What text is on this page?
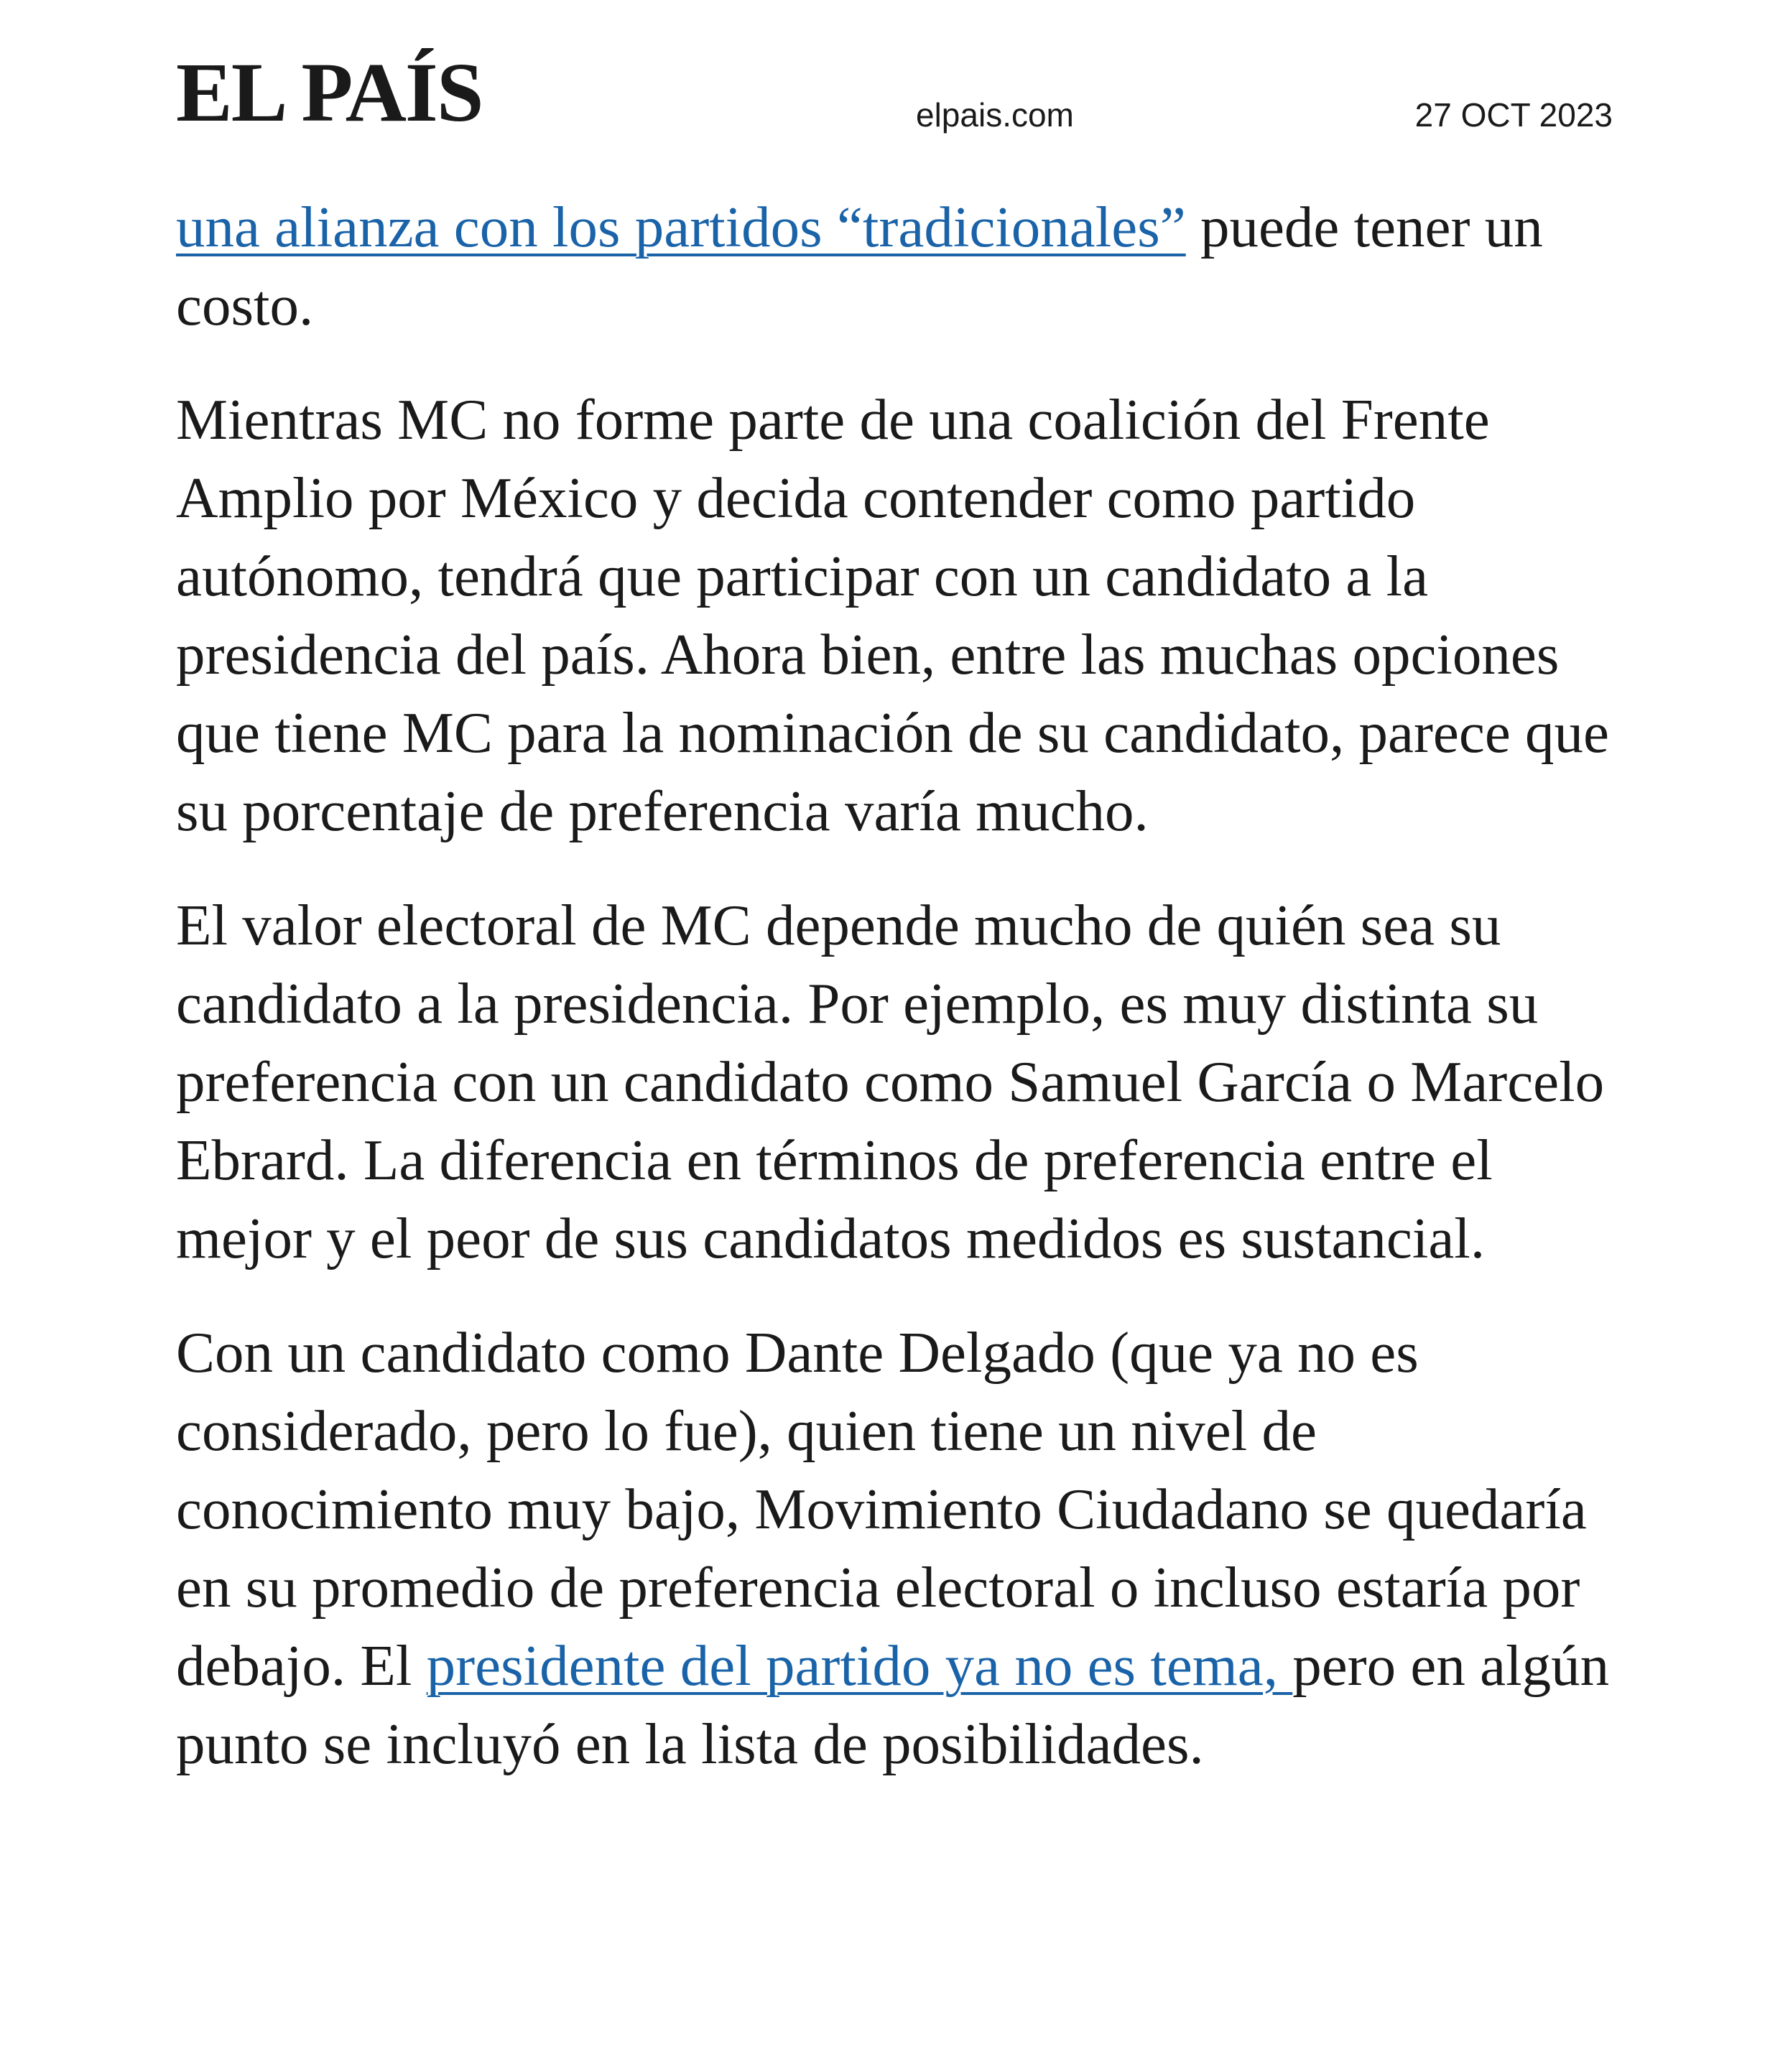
EL PAÍS	elpais.com	27 OCT 2023

una alianza con los partidos “tradicionales” puede tener un costo.

Mientras MC no forme parte de una coalición del Frente Amplio por México y decida contender como partido autónomo, tendrá que participar con un candidato a la presidencia del país. Ahora bien, entre las muchas opciones que tiene MC para la nominación de su candidato, parece que su porcentaje de preferencia varía mucho.

El valor electoral de MC depende mucho de quién sea su candidato a la presidencia. Por ejemplo, es muy distinta su preferencia con un candidato como Samuel García o Marcelo Ebrard. La diferencia en términos de preferencia entre el mejor y el peor de sus candidatos medidos es sustancial.

Con un candidato como Dante Delgado (que ya no es considerado, pero lo fue), quien tiene un nivel de conocimiento muy bajo, Movimiento Ciudadano se quedaría en su promedio de preferencia electoral o incluso estaría por debajo. El presidente del partido ya no es tema, pero en algún punto se incluyó en la lista de posibilidades.
